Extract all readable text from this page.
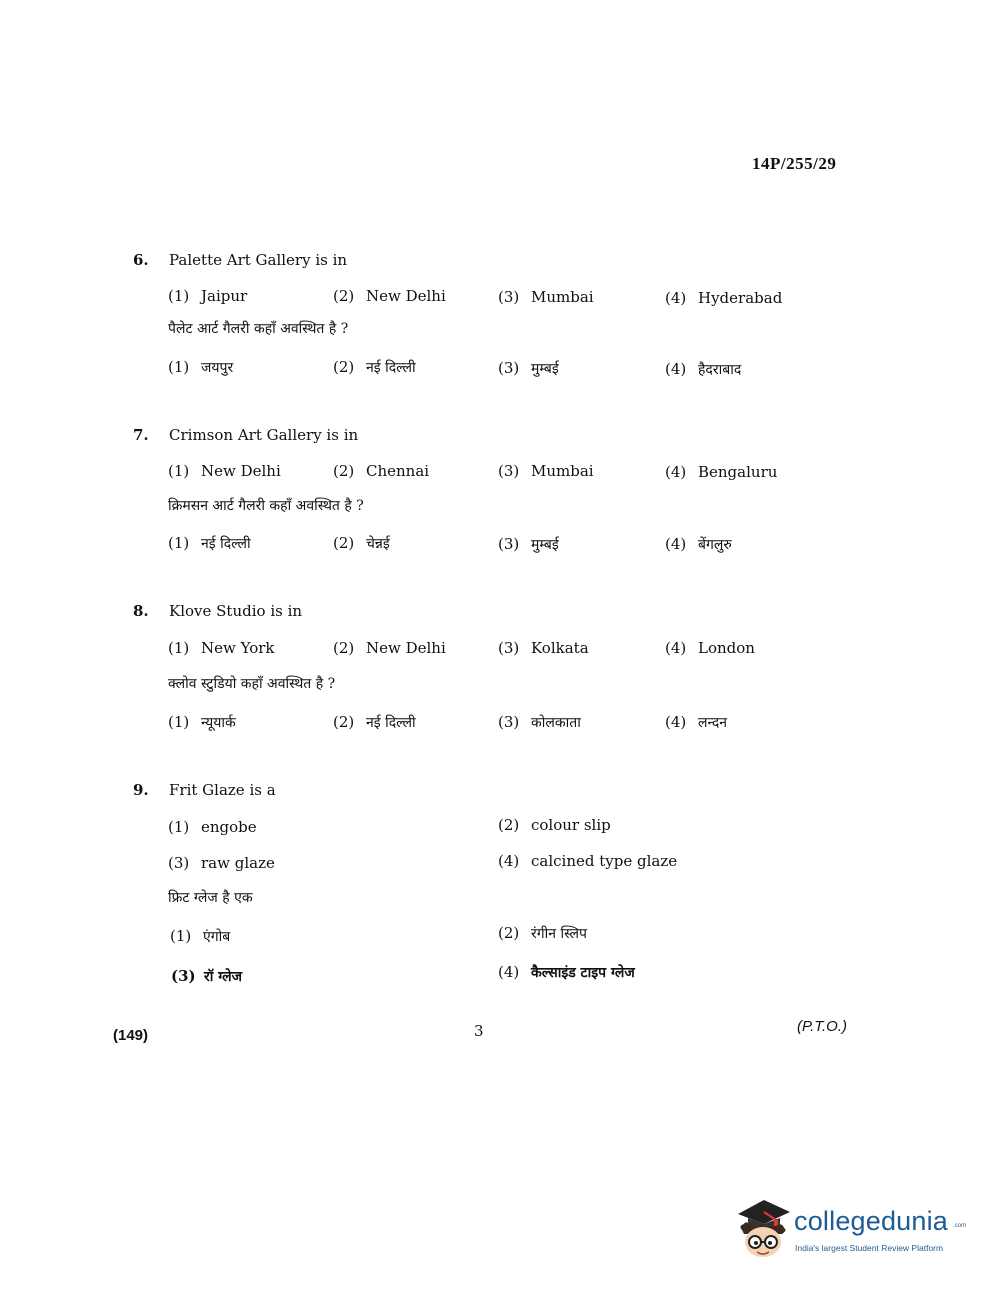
14P/255/29
6. Palette Art Gallery is in
(1) Jaipur	(2) New Delhi	(3) Mumbai	(4) Hyderabad
पैलेट आर्ट गैलरी कहाँ अवस्थित है ?
(1) जयपुर	(2) नई दिल्ली	(3) मुम्बई	(4) हैदराबाद
7. Crimson Art Gallery is in
(1) New Delhi	(2) Chennai	(3) Mumbai	(4) Bengaluru
क्रिमसन आर्ट गैलरी कहाँ अवस्थित है ?
(1) नई दिल्ली	(2) चेन्नई	(3) मुम्बई	(4) बेंगलुरु
8. Klove Studio is in
(1) New York	(2) New Delhi	(3) Kolkata	(4) London
क्लोव स्टुडियो कहाँ अवस्थित है ?
(1) न्यूयार्क	(2) नई दिल्ली	(3) कोलकाता	(4) लन्दन
9. Frit Glaze is a
(1) engobe	(2) colour slip
(3) raw glaze	(4) calcined type glaze
फ्रिट ग्लेज है एक
(1) एंगोब	(2) रंगीन स्लिप
(3) रॉ ग्लेज	(4) कैल्साइंड टाइप ग्लेज
(149)	3	(P.T.O.)
collegedunia .com
India's largest Student Review Platform
